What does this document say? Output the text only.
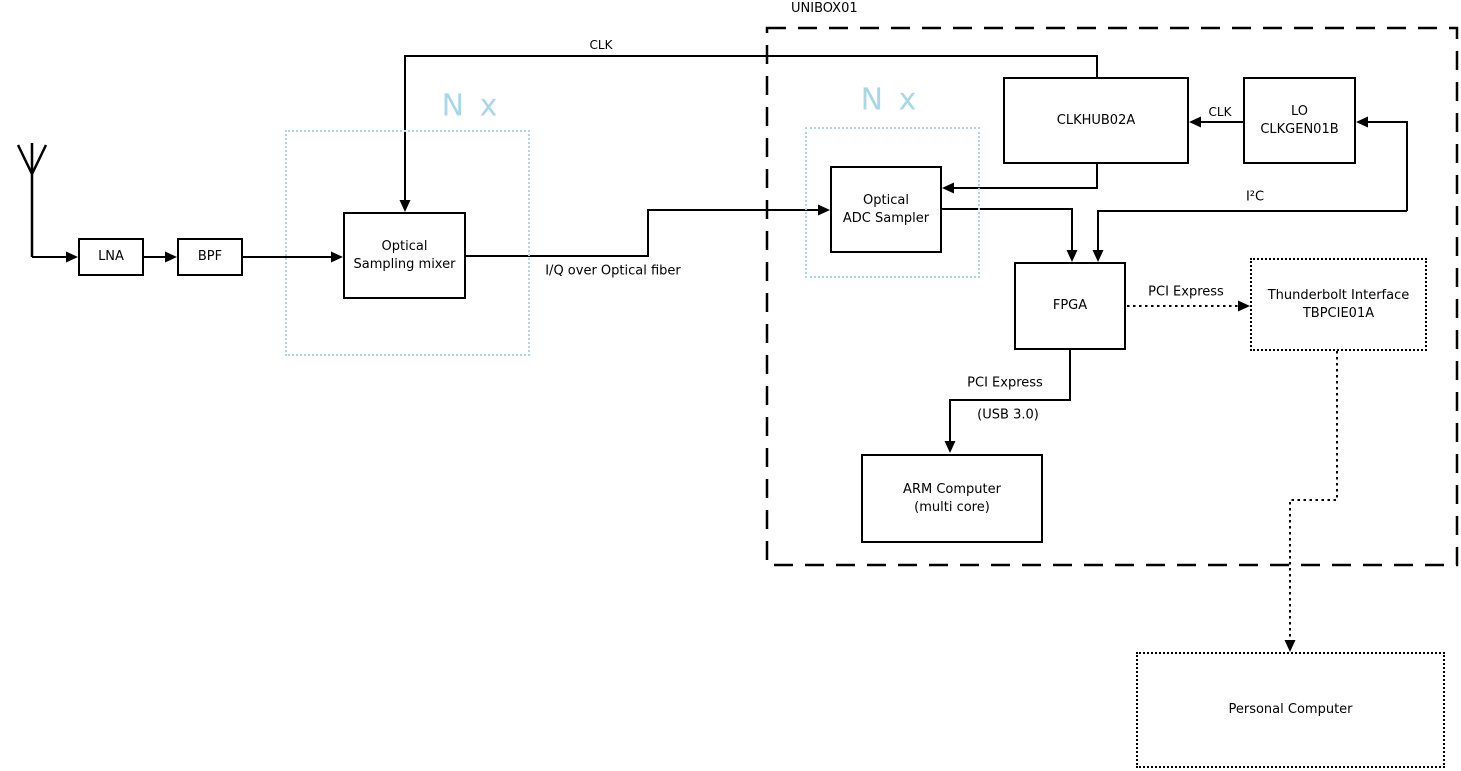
N x	N x
UNIBOX01
LNA	BPF
Optical
Sampling mixer
Optical
ADC Sampler
CLKHUB02A
LO
CLKGEN01B
FPGA
Thunderbolt Interface
TBPCIE01A
ARM Computer
(multi core)
Personal Computer
CLK
CLK
I²C
I/Q over Optical fiber
PCI Express
PCI Express
(USB 3.0)
